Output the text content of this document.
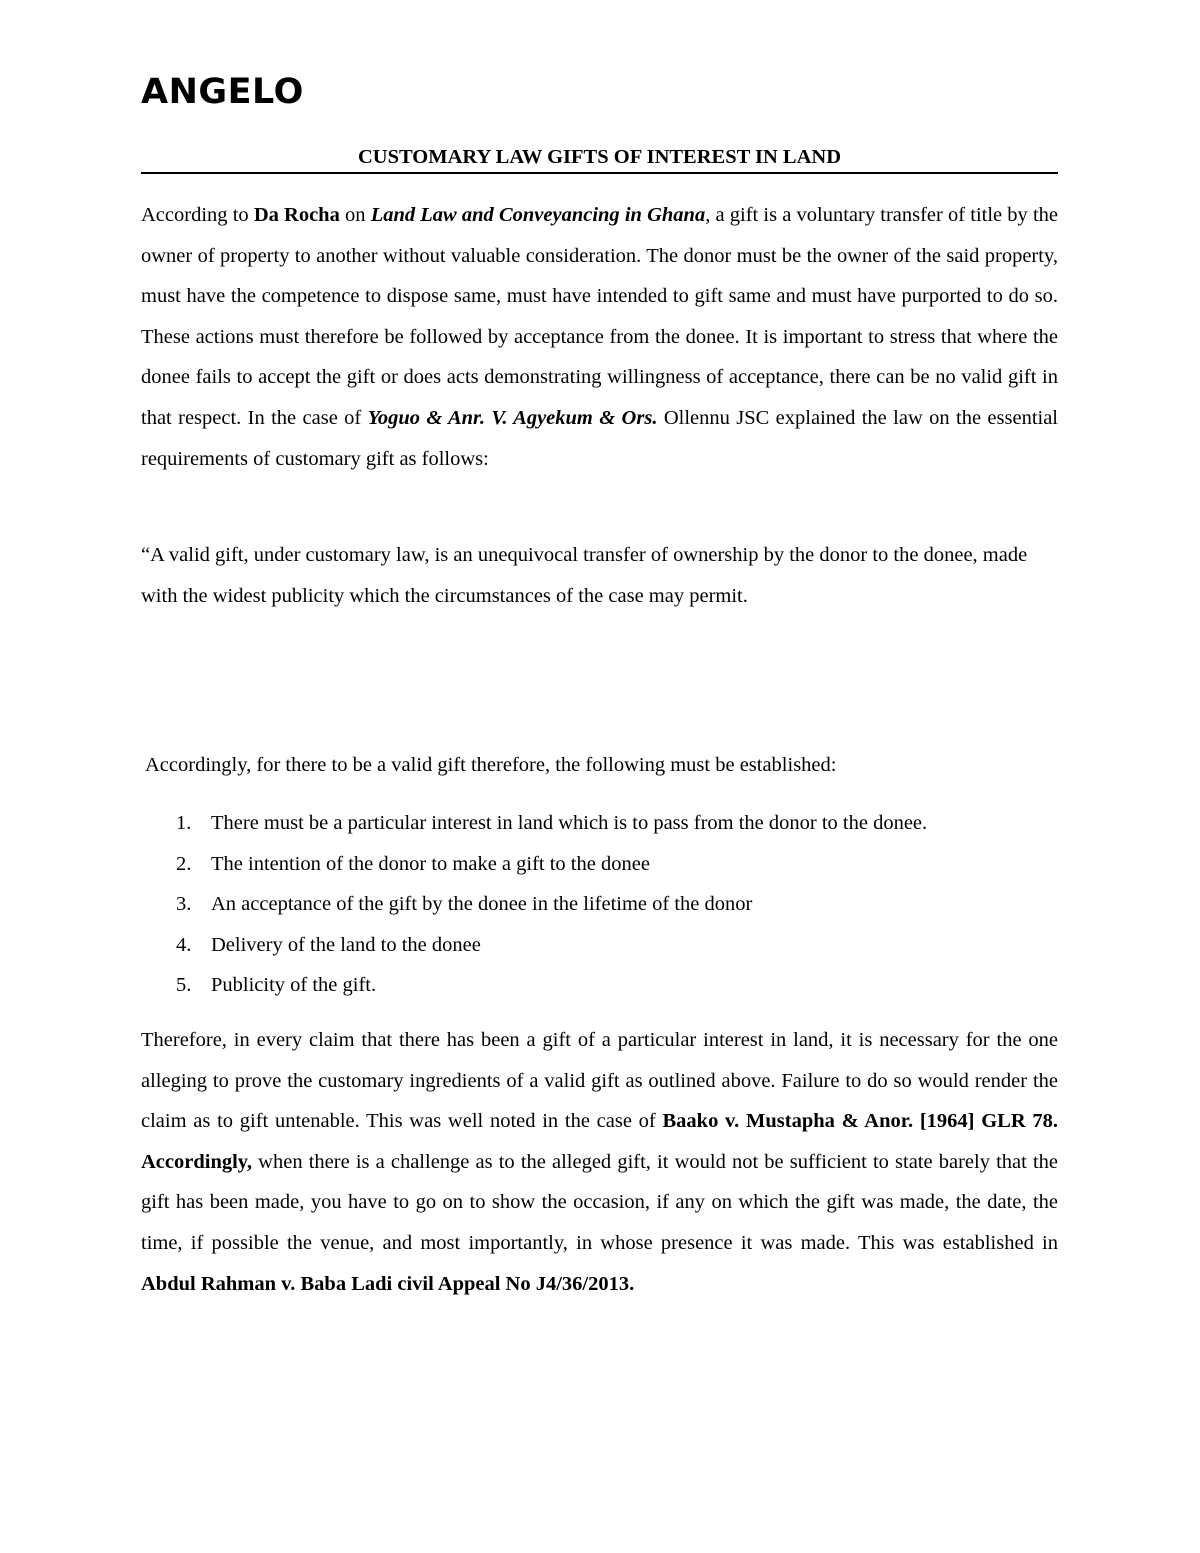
ANGELO
CUSTOMARY LAW GIFTS OF INTEREST IN LAND

According to Da Rocha on Land Law and Conveyancing in Ghana, a gift is a voluntary transfer of title by the owner of property to another without valuable consideration. The donor must be the owner of the said property, must have the competence to dispose same, must have intended to gift same and must have purported to do so. These actions must therefore be followed by acceptance from the donee. It is important to stress that where the donee fails to accept the gift or does acts demonstrating willingness of acceptance, there can be no valid gift in that respect. In the case of Yoguo & Anr. V. Agyekum & Ors. Ollennu JSC explained the law on the essential requirements of customary gift as follows:

“A valid gift, under customary law, is an unequivocal transfer of ownership by the donor to the donee, made with the widest publicity which the circumstances of the case may permit.

Accordingly, for there to be a valid gift therefore, the following must be established:

1. There must be a particular interest in land which is to pass from the donor to the donee.
2. The intention of the donor to make a gift to the donee
3. An acceptance of the gift by the donee in the lifetime of the donor
4. Delivery of the land to the donee
5. Publicity of the gift.

Therefore, in every claim that there has been a gift of a particular interest in land, it is necessary for the one alleging to prove the customary ingredients of a valid gift as outlined above. Failure to do so would render the claim as to gift untenable. This was well noted in the case of Baako v. Mustapha & Anor. [1964] GLR 78. Accordingly, when there is a challenge as to the alleged gift, it would not be sufficient to state barely that the gift has been made, you have to go on to show the occasion, if any on which the gift was made, the date, the time, if possible the venue, and most importantly, in whose presence it was made. This was established in Abdul Rahman v. Baba Ladi civil Appeal No J4/36/2013.
